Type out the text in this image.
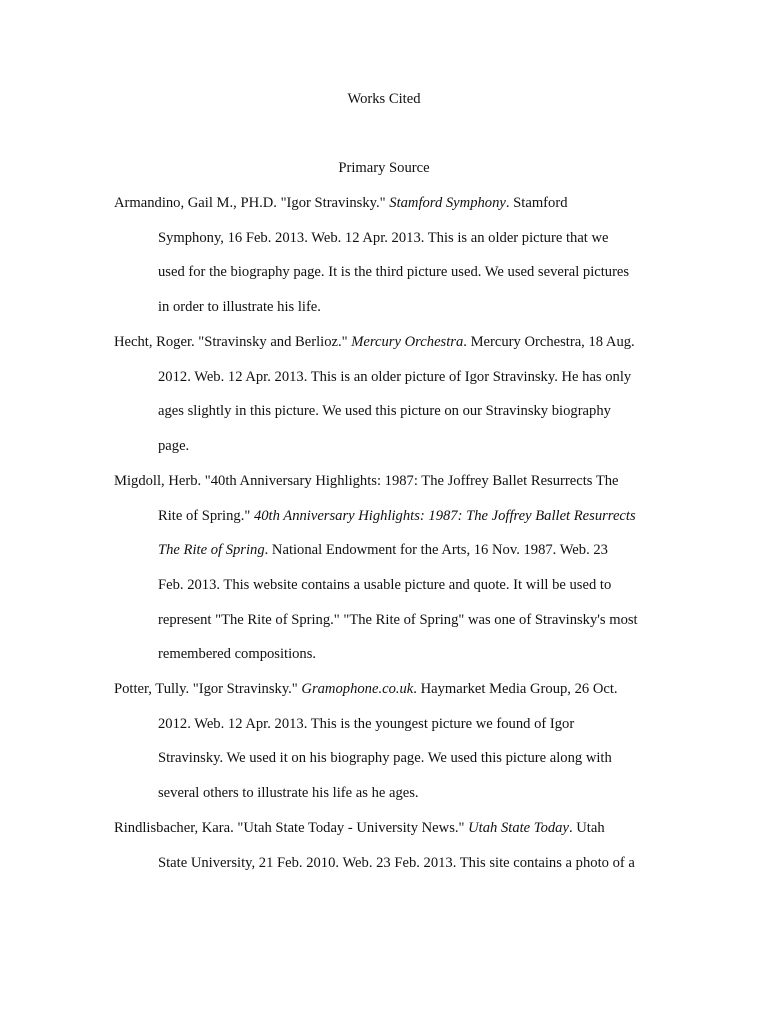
Works Cited
Primary Source
Armandino, Gail M., PH.D. "Igor Stravinsky." Stamford Symphony. Stamford
Symphony, 16 Feb. 2013. Web. 12 Apr. 2013. This is an older picture that we
used for the biography page. It is the third picture used. We used several pictures
in order to illustrate his life.
Hecht, Roger. "Stravinsky and Berlioz." Mercury Orchestra. Mercury Orchestra, 18 Aug.
2012. Web. 12 Apr. 2013. This is an older picture of Igor Stravinsky. He has only
ages slightly in this picture. We used this picture on our Stravinsky biography
page.
Migdoll, Herb. "40th Anniversary Highlights: 1987: The Joffrey Ballet Resurrects The
Rite of Spring." 40th Anniversary Highlights: 1987: The Joffrey Ballet Resurrects
The Rite of Spring. National Endowment for the Arts, 16 Nov. 1987. Web. 23
Feb. 2013. This website contains a usable picture and quote. It will be used to
represent "The Rite of Spring." "The Rite of Spring" was one of Stravinsky's most
remembered compositions.
Potter, Tully. "Igor Stravinsky." Gramophone.co.uk. Haymarket Media Group, 26 Oct.
2012. Web. 12 Apr. 2013. This is the youngest picture we found of Igor
Stravinsky. We used it on his biography page. We used this picture along with
several others to illustrate his life as he ages.
Rindlisbacher, Kara. "Utah State Today - University News." Utah State Today. Utah
State University, 21 Feb. 2010. Web. 23 Feb. 2013. This site contains a photo of a
